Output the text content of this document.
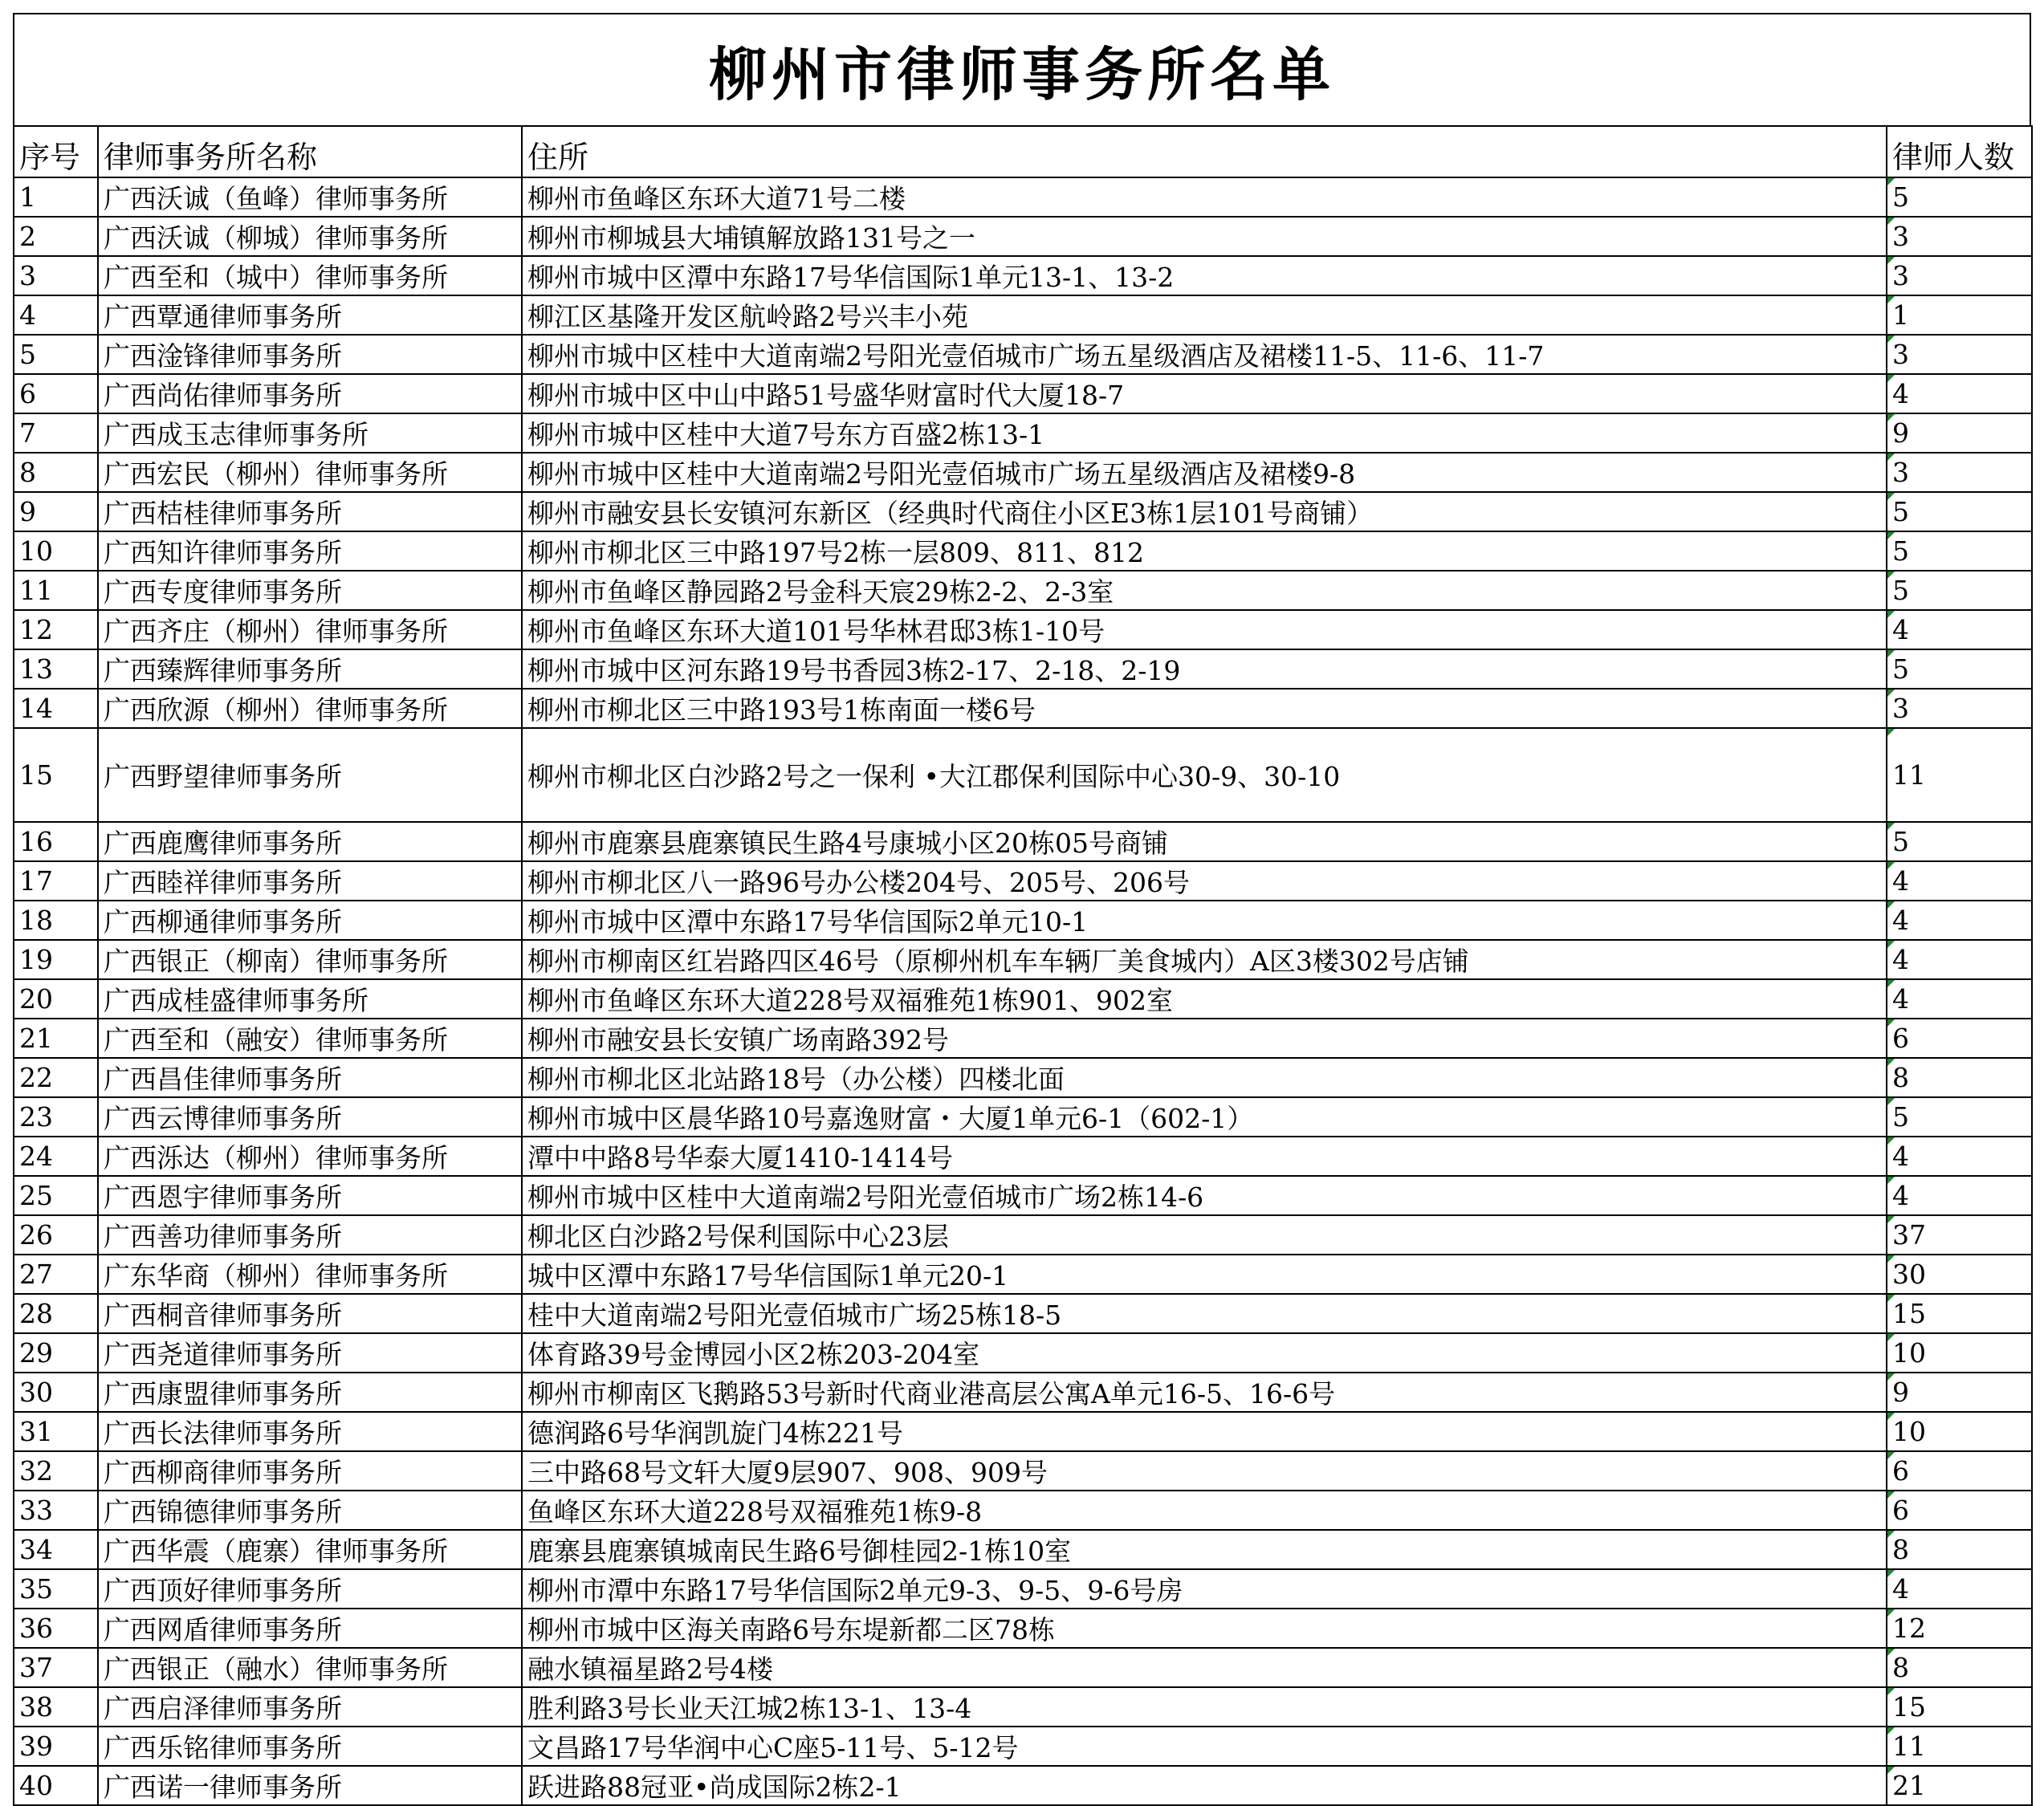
柳州市律师事务所名单
序号	律师事务所名称	住所	律师人数
1	广西沃诚（鱼峰）律师事务所	柳州市鱼峰区东环大道71号二楼	5
2	广西沃诚（柳城）律师事务所	柳州市柳城县大埔镇解放路131号之一	3
3	广西至和（城中）律师事务所	柳州市城中区潭中东路17号华信国际1单元13-1、13-2	3
4	广西覃通律师事务所	柳江区基隆开发区航岭路2号兴丰小苑	1
5	广西淦锋律师事务所	柳州市城中区桂中大道南端2号阳光壹佰城市广场五星级酒店及裙楼11-5、11-6、11-7	3
6	广西尚佑律师事务所	柳州市城中区中山中路51号盛华财富时代大厦18-7	4
7	广西成玉志律师事务所	柳州市城中区桂中大道7号东方百盛2栋13-1	9
8	广西宏民（柳州）律师事务所	柳州市城中区桂中大道南端2号阳光壹佰城市广场五星级酒店及裙楼9-8	3
9	广西桔桂律师事务所	柳州市融安县长安镇河东新区（经典时代商住小区E3栋1层101号商铺）	5
10	广西知许律师事务所	柳州市柳北区三中路197号2栋一层809、811、812	5
11	广西专度律师事务所	柳州市鱼峰区静园路2号金科天宸29栋2-2、2-3室	5
12	广西齐庄（柳州）律师事务所	柳州市鱼峰区东环大道101号华林君邸3栋1-10号	4
13	广西臻辉律师事务所	柳州市城中区河东路19号书香园3栋2-17、2-18、2-19	5
14	广西欣源（柳州）律师事务所	柳州市柳北区三中路193号1栋南面一楼6号	3
15	广西野望律师事务所	柳州市柳北区白沙路2号之一保利 •大江郡保利国际中心30-9、30-10	11
16	广西鹿鹰律师事务所	柳州市鹿寨县鹿寨镇民生路4号康城小区20栋05号商铺	5
17	广西睦祥律师事务所	柳州市柳北区八一路96号办公楼204号、205号、206号	4
18	广西柳通律师事务所	柳州市城中区潭中东路17号华信国际2单元10-1	4
19	广西银正（柳南）律师事务所	柳州市柳南区红岩路四区46号（原柳州机车车辆厂美食城内）A区3楼302号店铺	4
20	广西成桂盛律师事务所	柳州市鱼峰区东环大道228号双福雅苑1栋901、902室	4
21	广西至和（融安）律师事务所	柳州市融安县长安镇广场南路392号	6
22	广西昌佳律师事务所	柳州市柳北区北站路18号（办公楼）四楼北面	8
23	广西云博律师事务所	柳州市城中区晨华路10号嘉逸财富・大厦1单元6-1（602-1）	5
24	广西泺达（柳州）律师事务所	潭中中路8号华泰大厦1410-1414号	4
25	广西恩宇律师事务所	柳州市城中区桂中大道南端2号阳光壹佰城市广场2栋14-6	4
26	广西善功律师事务所	柳北区白沙路2号保利国际中心23层	37
27	广东华商（柳州）律师事务所	城中区潭中东路17号华信国际1单元20-1	30
28	广西桐音律师事务所	桂中大道南端2号阳光壹佰城市广场25栋18-5	15
29	广西尧道律师事务所	体育路39号金博园小区2栋203-204室	10
30	广西康盟律师事务所	柳州市柳南区飞鹅路53号新时代商业港高层公寓A单元16-5、16-6号	9
31	广西长法律师事务所	德润路6号华润凯旋门4栋221号	10
32	广西柳商律师事务所	三中路68号文轩大厦9层907、908、909号	6
33	广西锦德律师事务所	鱼峰区东环大道228号双福雅苑1栋9-8	6
34	广西华震（鹿寨）律师事务所	鹿寨县鹿寨镇城南民生路6号御桂园2-1栋10室	8
35	广西顶好律师事务所	柳州市潭中东路17号华信国际2单元9-3、9-5、9-6号房	4
36	广西网盾律师事务所	柳州市城中区海关南路6号东堤新都二区78栋	12
37	广西银正（融水）律师事务所	融水镇福星路2号4楼	8
38	广西启泽律师事务所	胜利路3号长业天江城2栋13-1、13-4	15
39	广西乐铭律师事务所	文昌路17号华润中心C座5-11号、5-12号	11
40	广西诺一律师事务所	跃进路88冠亚•尚成国际2栋2-1	21
